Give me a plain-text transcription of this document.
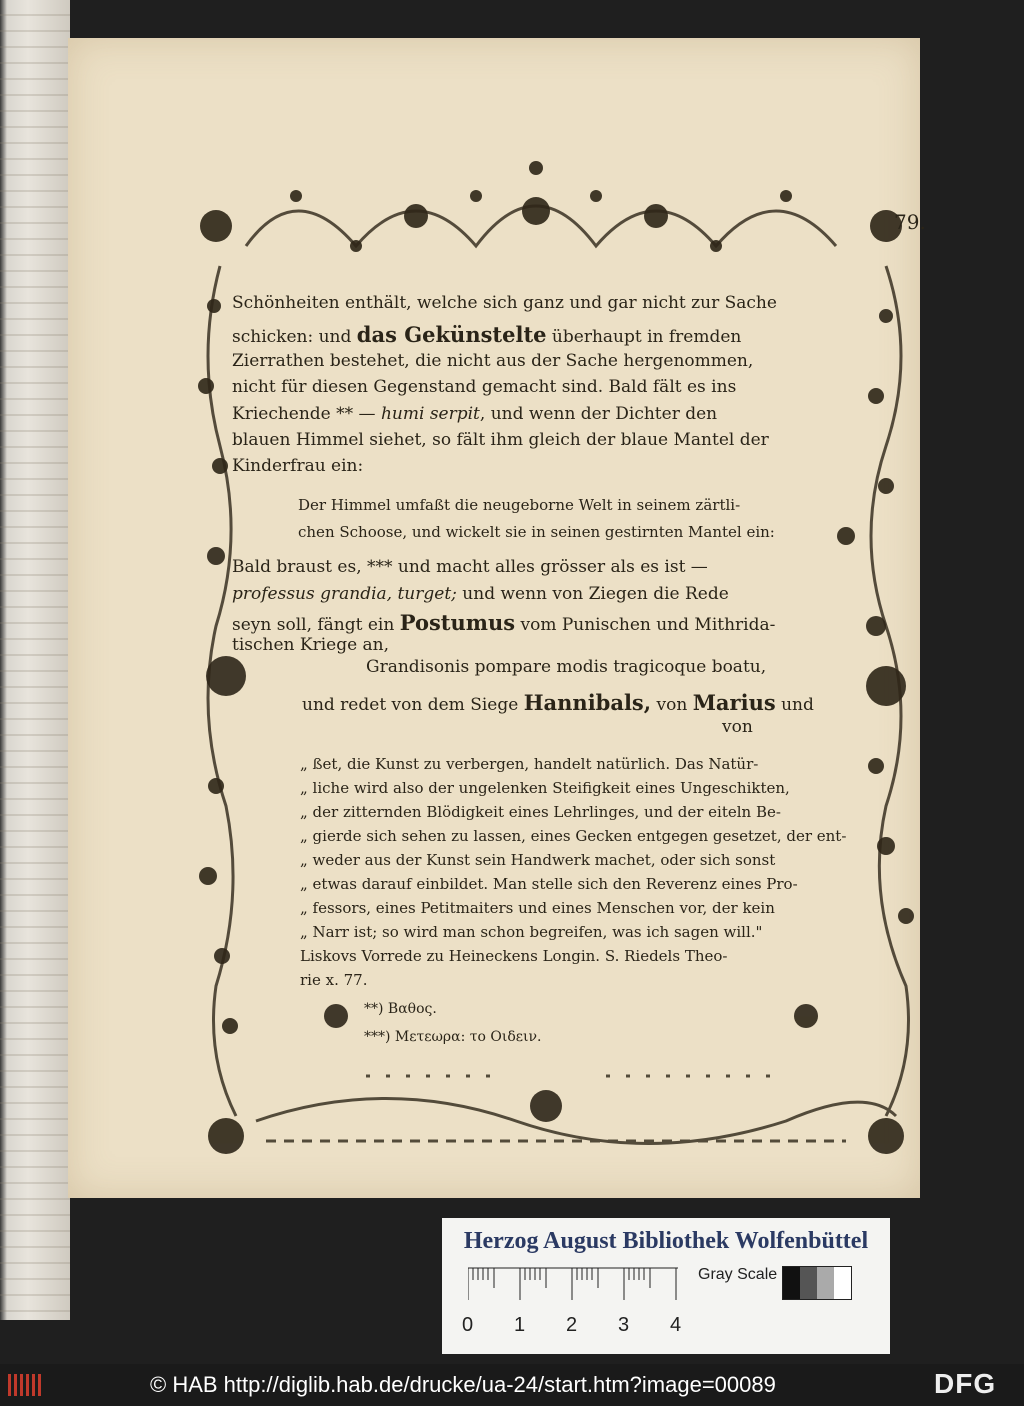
79.
Schönheiten enthält, welche sich ganz und gar nicht zur Sache
schicken: und das Gekünstelte überhaupt in fremden
Zierrathen bestehet, die nicht aus der Sache hergenommen,
nicht für diesen Gegenstand gemacht sind. Bald fält es ins
Kriechende ** — humi serpit, und wenn der Dichter den
blauen Himmel siehet, so fält ihm gleich der blaue Mantel der
Kinderfrau ein:
Der Himmel umfaßt die neugeborne Welt in seinem zärtli-
chen Schoose, und wickelt sie in seinen gestirnten Mantel ein:
Bald braust es, *** und macht alles grösser als es ist —
professus grandia, turget; und wenn von Ziegen die Rede
seyn soll, fängt ein Postumus vom Punischen und Mithrida-
tischen Kriege an,
Grandisonis pompare modis tragicoque boatu,
und redet von dem Siege Hannibals, von Marius und
von
„ ßet, die Kunst zu verbergen, handelt natürlich. Das Natür-
„ liche wird also der ungelenken Steifigkeit eines Ungeschikten,
„ der zitternden Blödigkeit eines Lehrlinges, und der eiteln Be-
„ gierde sich sehen zu lassen, eines Gecken entgegen gesetzet, der ent-
„ weder aus der Kunst sein Handwerk machet, oder sich sonst
„ etwas darauf einbildet. Man stelle sich den Reverenz eines Pro-
„ fessors, eines Petitmaiters und eines Menschen vor, der kein
„ Narr ist; so wird man schon begreifen, was ich sagen will."
Liskovs Vorrede zu Heineckens Longin. S. Riedels Theo-
rie x. 77.
**) Βαθος.
***) Μετεωρα: το Οιδειν.
Herzog August Bibliothek Wolfenbüttel
Gray Scale
0 1 2 3 4
© HAB http://diglib.hab.de/drucke/ua-24/start.htm?image=00089	DFG
